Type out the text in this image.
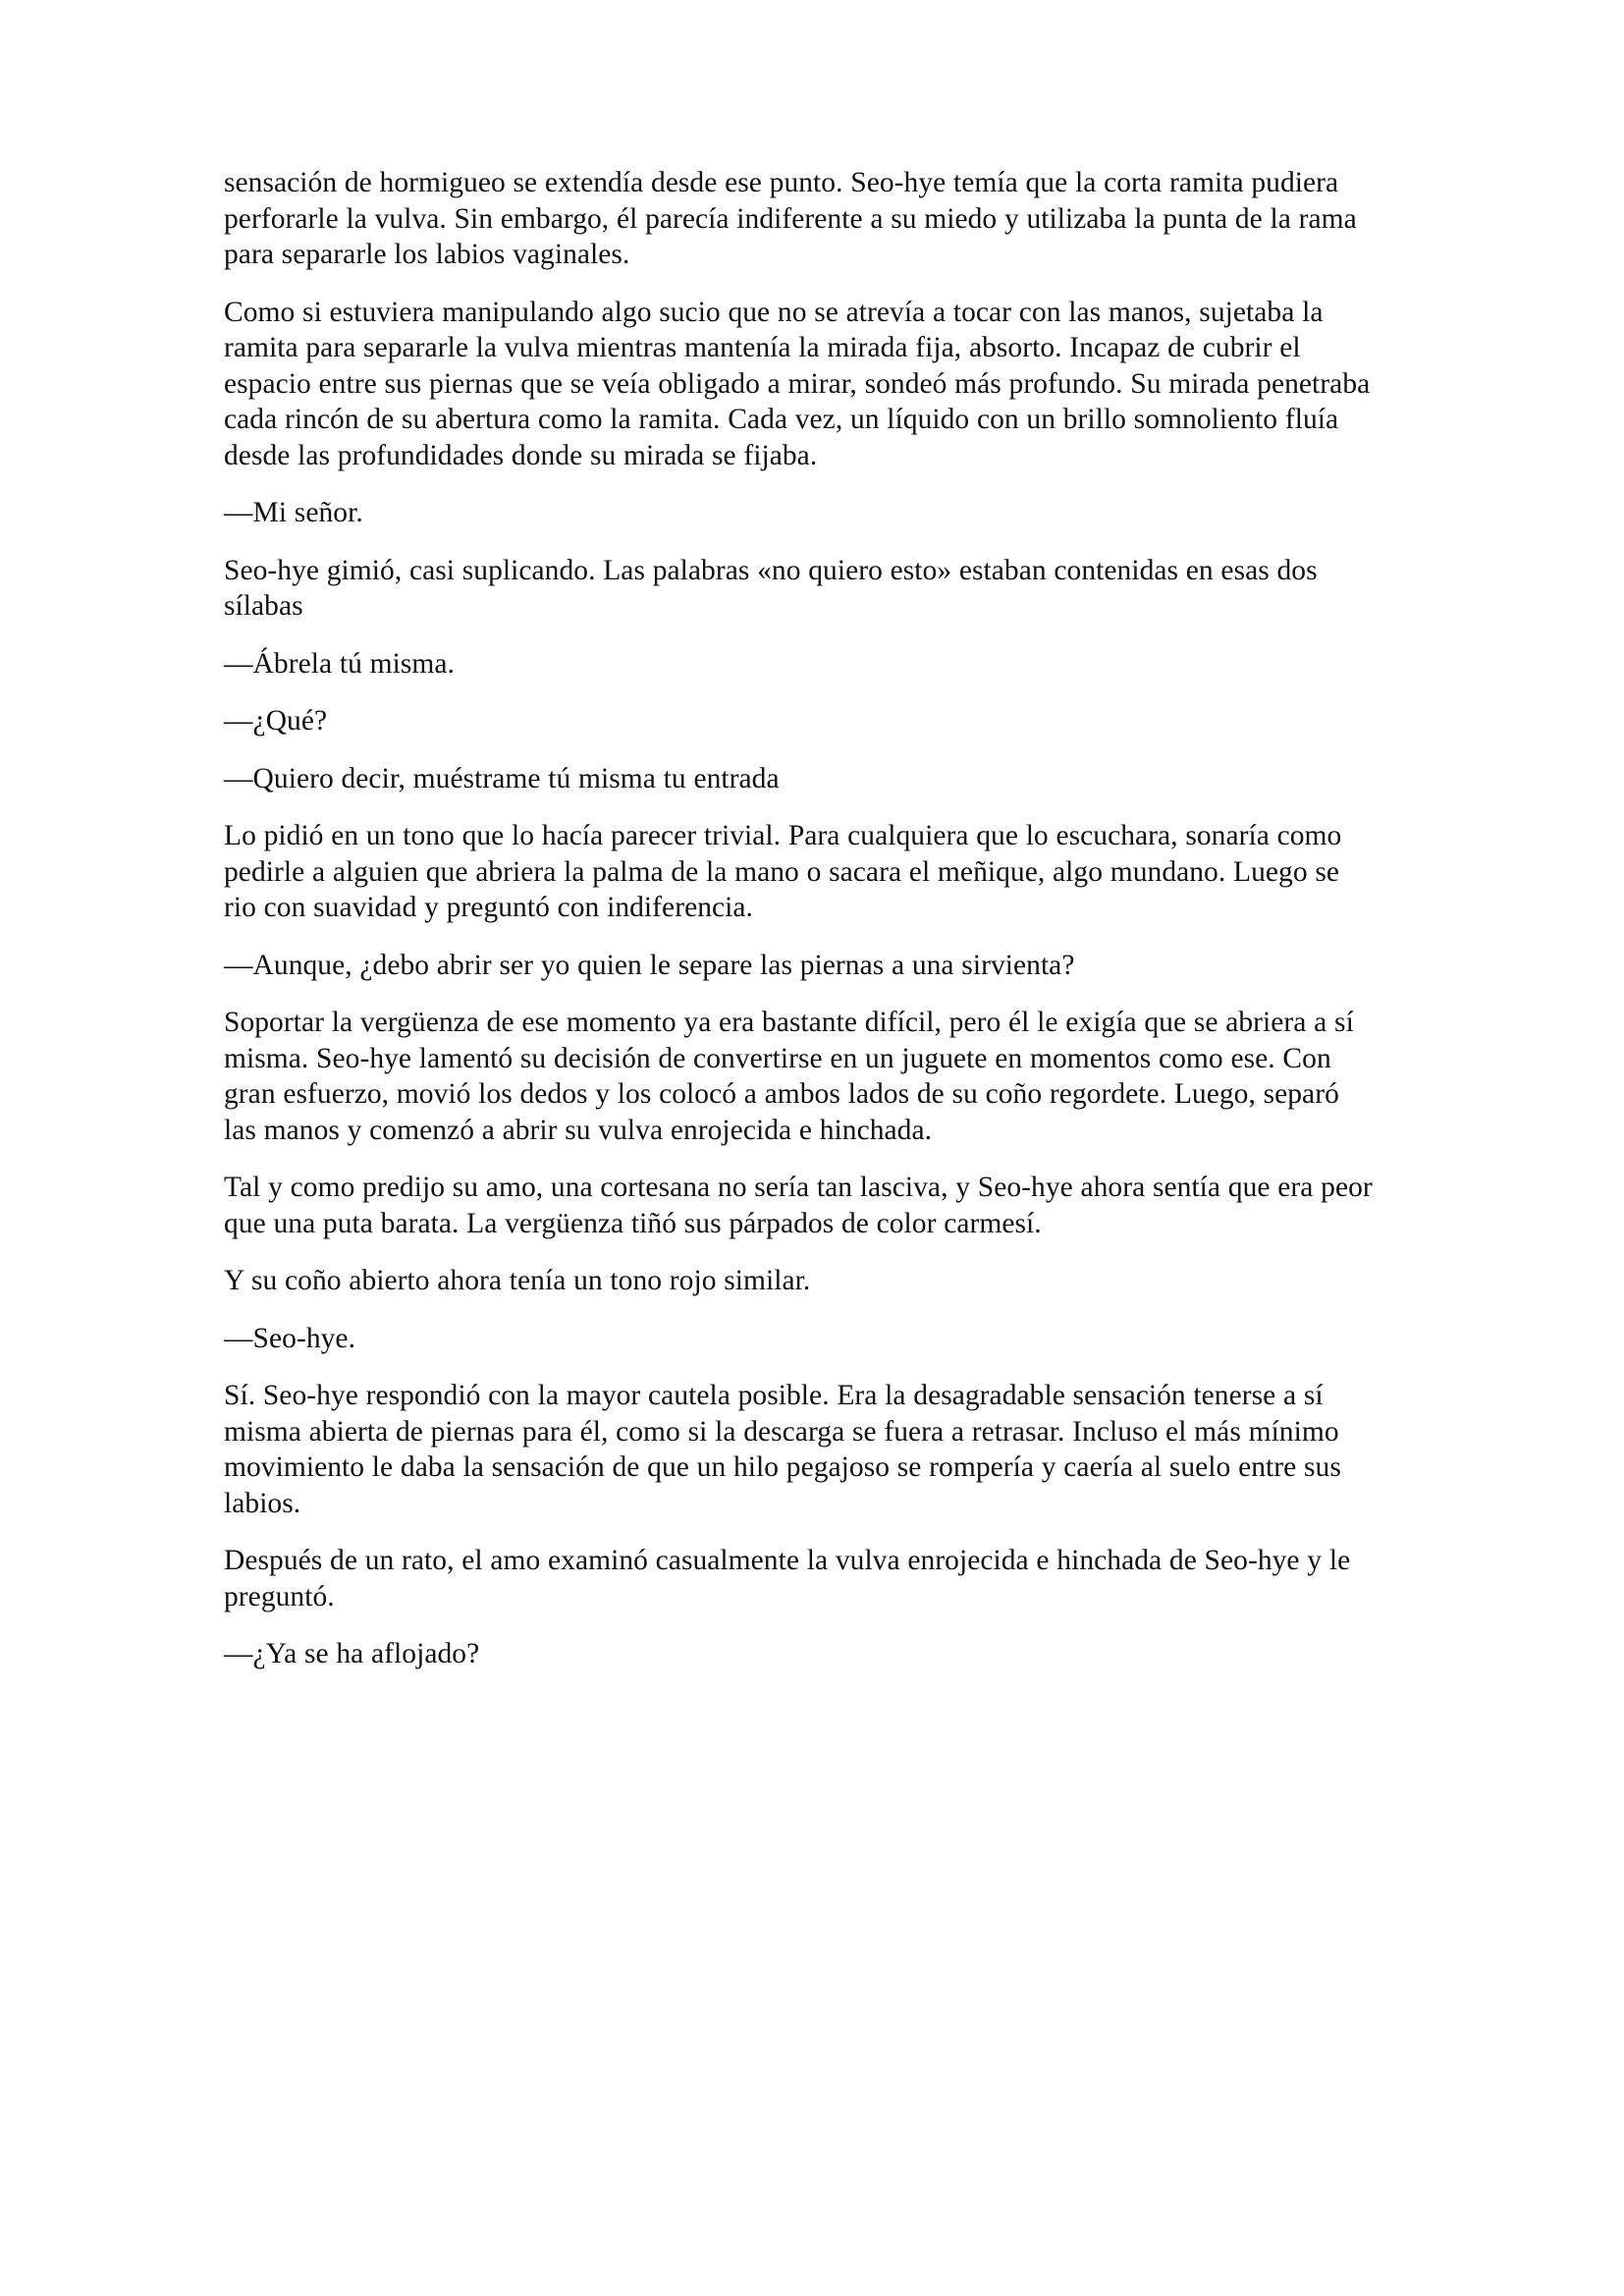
sensación de hormigueo se extendía desde ese punto. Seo-hye temía que la corta ramita pudiera perforarle la vulva. Sin embargo, él parecía indiferente a su miedo y utilizaba la punta de la rama para separarle los labios vaginales.

Como si estuviera manipulando algo sucio que no se atrevía a tocar con las manos, sujetaba la ramita para separarle la vulva mientras mantenía la mirada fija, absorto. Incapaz de cubrir el espacio entre sus piernas que se veía obligado a mirar, sondeó más profundo. Su mirada penetraba cada rincón de su abertura como la ramita. Cada vez, un líquido con un brillo somnoliento fluía desde las profundidades donde su mirada se fijaba.

—Mi señor.

Seo-hye gimió, casi suplicando. Las palabras «no quiero esto» estaban contenidas en esas dos sílabas

—Ábrela tú misma.

—¿Qué?

—Quiero decir, muéstrame tú misma tu entrada

Lo pidió en un tono que lo hacía parecer trivial. Para cualquiera que lo escuchara, sonaría como pedirle a alguien que abriera la palma de la mano o sacara el meñique, algo mundano. Luego se rio con suavidad y preguntó con indiferencia.

—Aunque, ¿debo abrir ser yo quien le separe las piernas a una sirvienta?

Soportar la vergüenza de ese momento ya era bastante difícil, pero él le exigía que se abriera a sí misma. Seo-hye lamentó su decisión de convertirse en un juguete en momentos como ese. Con gran esfuerzo, movió los dedos y los colocó a ambos lados de su coño regordete. Luego, separó las manos y comenzó a abrir su vulva enrojecida e hinchada.

Tal y como predijo su amo, una cortesana no sería tan lasciva, y Seo-hye ahora sentía que era peor que una puta barata. La vergüenza tiñó sus párpados de color carmesí.

Y su coño abierto ahora tenía un tono rojo similar.

—Seo-hye.

Sí. Seo-hye respondió con la mayor cautela posible. Era la desagradable sensación tenerse a sí misma abierta de piernas para él, como si la descarga se fuera a retrasar. Incluso el más mínimo movimiento le daba la sensación de que un hilo pegajoso se rompería y caería al suelo entre sus labios.

Después de un rato, el amo examinó casualmente la vulva enrojecida e hinchada de Seo-hye y le preguntó.

—¿Ya se ha aflojado?
